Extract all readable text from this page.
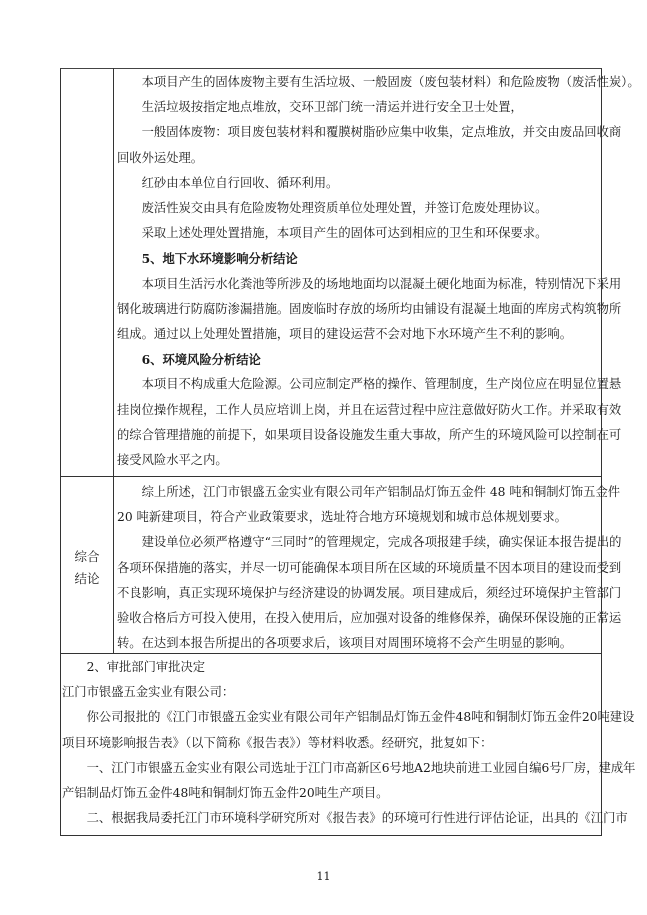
本项目产生的固体废物主要有生活垃圾、一般固废（废包装材料）和危险废物（废活性炭）。
生活垃圾按指定地点堆放，交环卫部门统一清运并进行安全卫士处置，
一般固体废物：项目废包装材料和覆膜树脂砂应集中收集，定点堆放，并交由废品回收商
回收外运处理。
红砂由本单位自行回收、循环利用。
废活性炭交由具有危险废物处理资质单位处理处置，并签订危废处理协议。
采取上述处理处置措施，本项目产生的固体可达到相应的卫生和环保要求。
5、地下水环境影响分析结论
本项目生活污水化粪池等所涉及的场地地面均以混凝土硬化地面为标准，特别情况下采用
钢化玻璃进行防腐防渗漏措施。固废临时存放的场所均由铺设有混凝土地面的库房式构筑物所
组成。通过以上处理处置措施，项目的建设运营不会对地下水环境产生不利的影响。
6、环境风险分析结论
本项目不构成重大危险源。公司应制定严格的操作、管理制度，生产岗位应在明显位置悬
挂岗位操作规程，工作人员应培训上岗，并且在运营过程中应注意做好防火工作。并采取有效
的综合管理措施的前提下，如果项目设备设施发生重大事故，所产生的环境风险可以控制在可
接受风险水平之内。
综合
结论
综上所述，江门市银盛五金实业有限公司年产铝制品灯饰五金件 48 吨和铜制灯饰五金件
20 吨新建项目，符合产业政策要求，选址符合地方环境规划和城市总体规划要求。
建设单位必须严格遵守“三同时”的管理规定，完成各项报建手续，确实保证本报告提出的
各项环保措施的落实，并尽一切可能确保本项目所在区域的环境质量不因本项目的建设而受到
不良影响，真正实现环境保护与经济建设的协调发展。项目建成后，须经过环境保护主管部门
验收合格后方可投入使用，在投入使用后，应加强对设备的维修保养，确保环保设施的正常运
转。在达到本报告所提出的各项要求后，该项目对周围环境将不会产生明显的影响。
2、审批部门审批决定
江门市银盛五金实业有限公司：
你公司报批的《江门市银盛五金实业有限公司年产铝制品灯饰五金件48吨和铜制灯饰五金件20吨建设
项目环境影响报告表》（以下简称《报告表》）等材料收悉。经研究，批复如下：
一、江门市银盛五金实业有限公司选址于江门市高新区6号地A2地块前进工业园自编6号厂房，建成年
产铝制品灯饰五金件48吨和铜制灯饰五金件20吨生产项目。
二、根据我局委托江门市环境科学研究所对《报告表》的环境可行性进行评估论证，出具的《江门市
11
